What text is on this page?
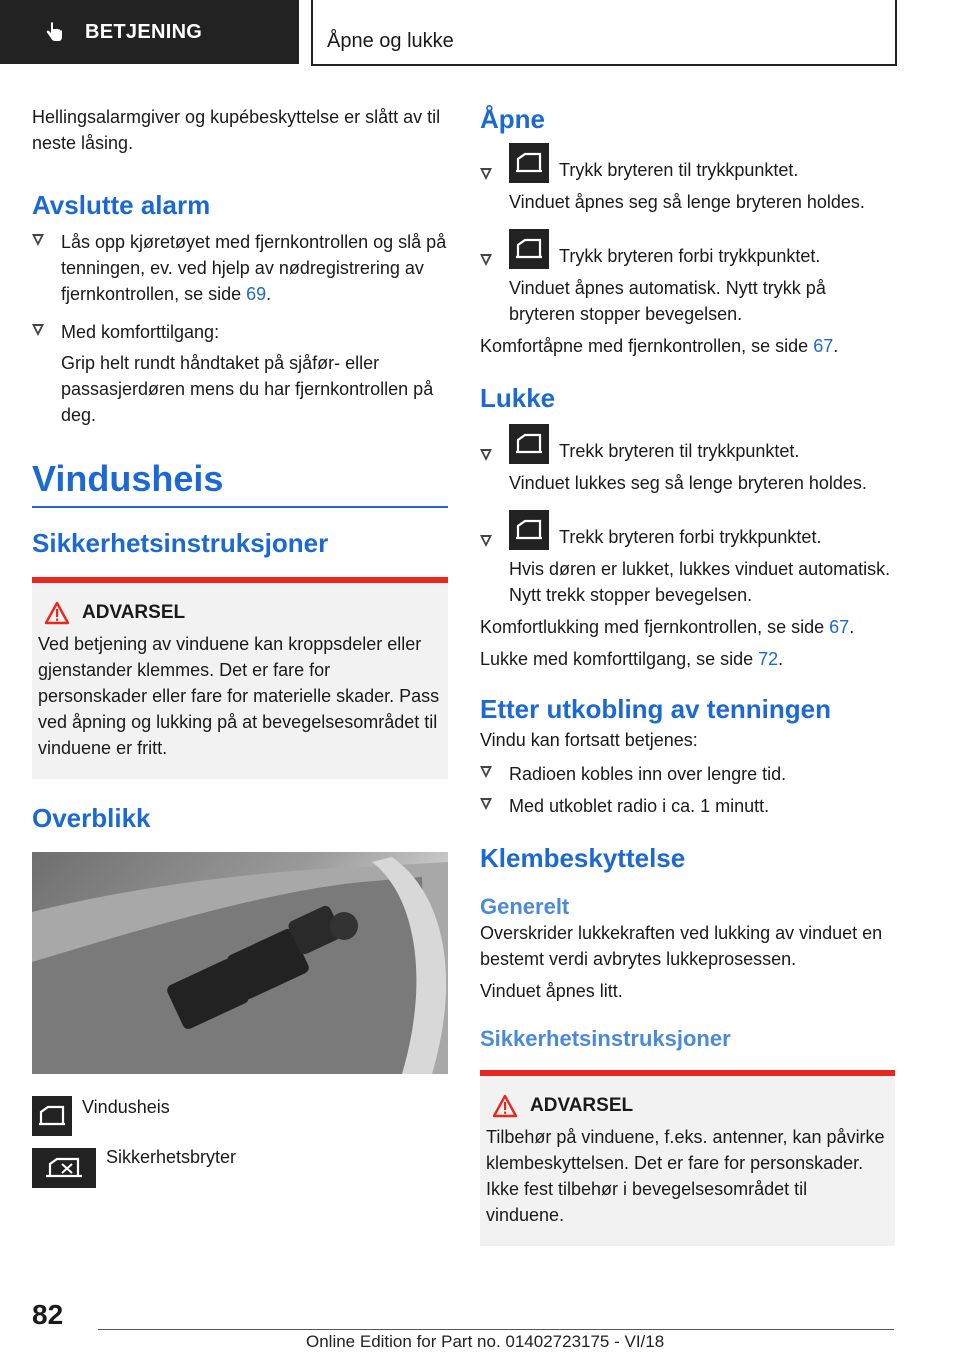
BETJENING	Åpne og lukke

Hellingsalarmgiver og kupébeskyttelse er slått av til neste låsing.

Avslutte alarm

Lås opp kjøretøyet med fjernkontrollen og slå på tenningen, ev. ved hjelp av nødregistrering av fjernkontrollen, se side 69.

Med komforttilgang:

Grip helt rundt håndtaket på sjåfør- eller passasjerdøren mens du har fjernkontrollen på deg.

Vindusheis
Sikkerhetsinstruksjoner
ADVARSEL

Ved betjening av vinduene kan kroppsdeler eller gjenstander klemmes. Det er fare for personskader eller fare for materielle skader. Pass ved åpning og lukking på at bevegelsesområdet til vinduene er fritt.

Overblikk

Vindusheis

Sikkerhetsbryter

Åpne

Trykk bryteren til trykkpunktet.

Vinduet åpnes seg så lenge bryteren holdes.

Trykk bryteren forbi trykkpunktet.

Vinduet åpnes automatisk. Nytt trykk på bryteren stopper bevegelsen.

Komfortåpne med fjernkontrollen, se side 67.

Lukke

Trekk bryteren til trykkpunktet.

Vinduet lukkes seg så lenge bryteren holdes.

Trekk bryteren forbi trykkpunktet.

Hvis døren er lukket, lukkes vinduet automatisk. Nytt trekk stopper bevegelsen.

Komfortlukking med fjernkontrollen, se side 67.

Lukke med komforttilgang, se side 72.

Etter utkobling av tenningen

Vindu kan fortsatt betjenes:

Radioen kobles inn over lengre tid.

Med utkoblet radio i ca. 1 minutt.

Klembeskyttelse
Generelt

Overskrider lukkekraften ved lukking av vinduet en bestemt verdi avbrytes lukkeprosessen.

Vinduet åpnes litt.

Sikkerhetsinstruksjoner
ADVARSEL

Tilbehør på vinduene, f.eks. antenner, kan påvirke klembeskyttelsen. Det er fare for personskader. Ikke fest tilbehør i bevegelsesområdet til vinduene.

82
Online Edition for Part no. 01402723175 - VI/18
